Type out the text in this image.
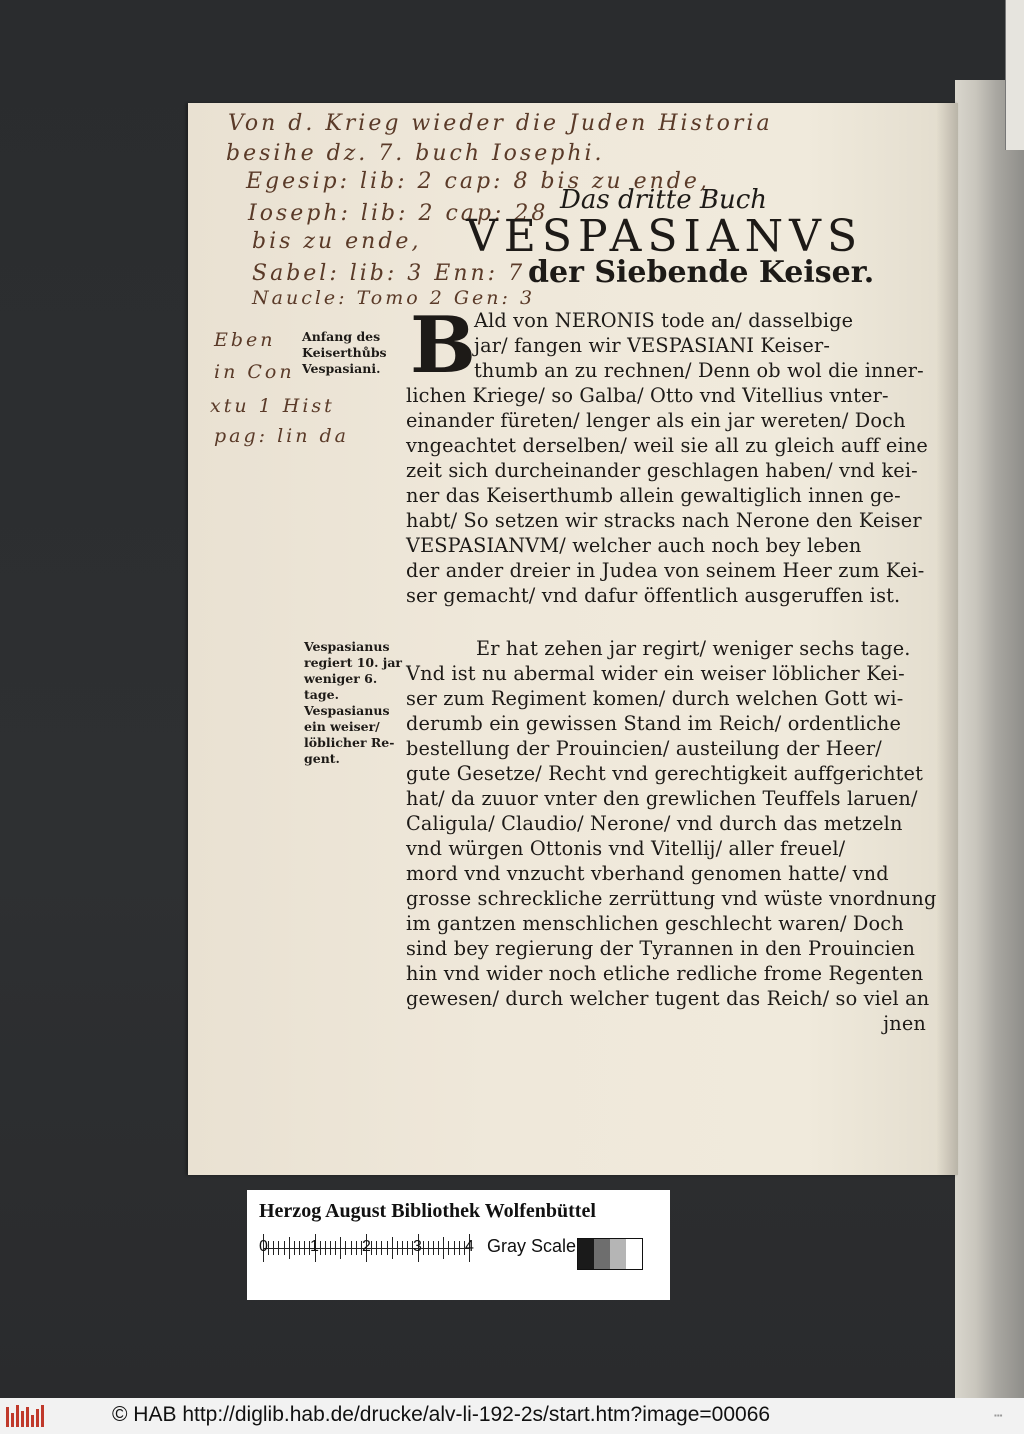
Von d. Krieg wieder die Juden Historia
besihe dz. 7. buch Iosephi.
Egesip: lib: 2 cap: 8 bis zu ende,
Ioseph: lib: 2 cap: 28
bis zu ende,
Sabel: lib: 3 Enn: 7
Naucle: Tomo 2 Gen: 3
Eben
in Con
xtu 1 Hist
pag: lin da
Das dritte Buch
VESPASIANVS
der Siebende Keiser.
Anfang des
Keiserthůbs
Vespasiani.
Vespasianus
regiert 10. jar
weniger 6.
tage.
Vespasianus
ein weiser/
löblicher Re-
gent.
B
Ald von NERONIS tode an/ dasselbige
jar/ fangen wir VESPASIANI Keiser-
thumb an zu rechnen/ Denn ob wol die inner-
lichen Kriege/ so Galba/ Otto vnd Vitellius vnter-
einander füreten/ lenger als ein jar wereten/ Doch
vngeachtet derselben/ weil sie all zu gleich auff eine
zeit sich durcheinander geschlagen haben/ vnd kei-
ner das Keiserthumb allein gewaltiglich innen ge-
habt/ So setzen wir stracks nach Nerone den Keiser
VESPASIANVM/ welcher auch noch bey leben
der ander dreier in Judea von seinem Heer zum Kei-
ser gemacht/ vnd dafur öffentlich ausgeruffen ist.
Er hat zehen jar regirt/ weniger sechs tage.
Vnd ist nu abermal wider ein weiser löblicher Kei-
ser zum Regiment komen/ durch welchen Gott wi-
derumb ein gewissen Stand im Reich/ ordentliche
bestellung der Prouincien/ austeilung der Heer/
gute Gesetze/ Recht vnd gerechtigkeit auffgerichtet
hat/ da zuuor vnter den grewlichen Teuffels laruen/
Caligula/ Claudio/ Nerone/ vnd durch das metzeln
vnd würgen Ottonis vnd Vitellij/ aller freuel/
mord vnd vnzucht vberhand genomen hatte/ vnd
grosse schreckliche zerrüttung vnd wüste vnordnung
im gantzen menschlichen geschlecht waren/ Doch
sind bey regierung der Tyrannen in den Prouincien
hin vnd wider noch etliche redliche frome Regenten
gewesen/ durch welcher tugent das Reich/ so viel an
jnen
Herzog August Bibliothek Wolfenbüttel
0	1	2	3	4 Gray Scale
© HAB http://diglib.hab.de/drucke/alv-li-192-2s/start.htm?image=00066	▪▪▪
